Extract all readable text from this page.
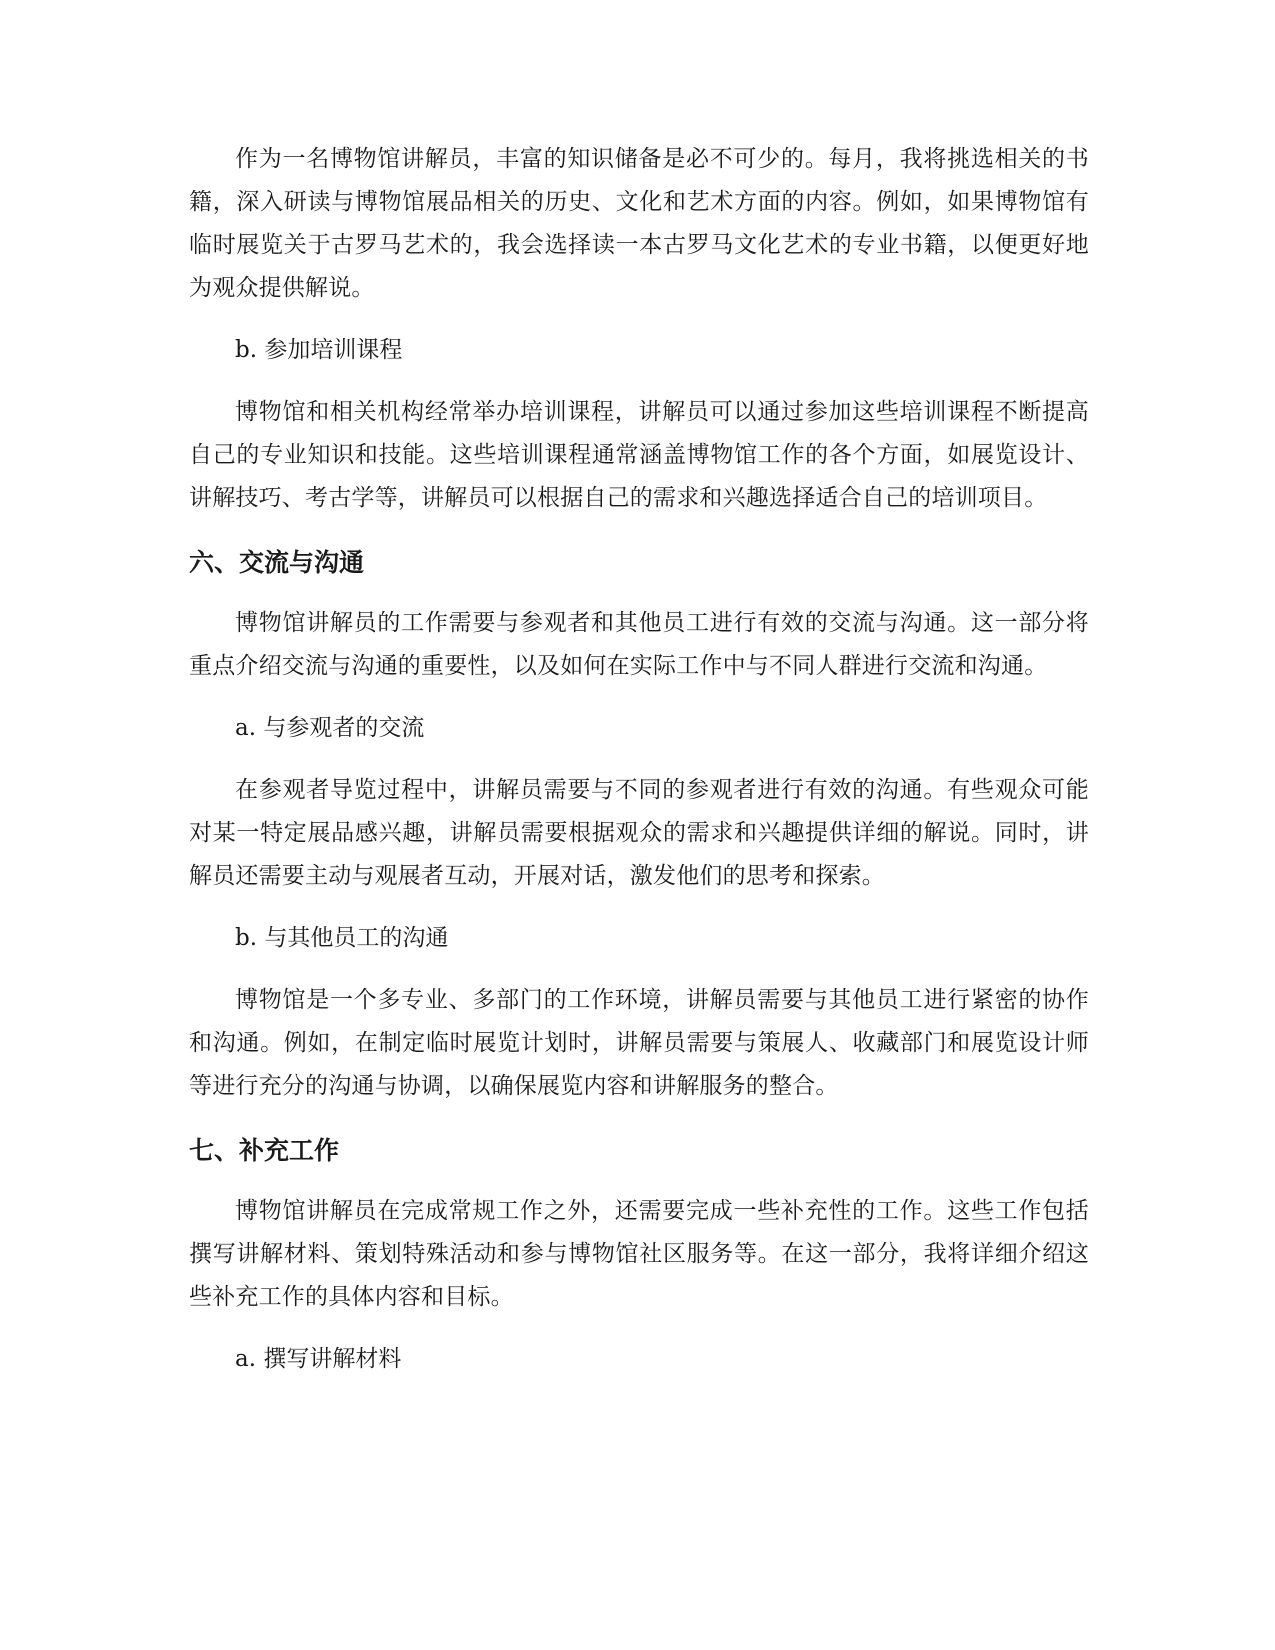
作为一名博物馆讲解员，丰富的知识储备是必不可少的。每月，我将挑选相关的书籍，深入研读与博物馆展品相关的历史、文化和艺术方面的内容。例如，如果博物馆有临时展览关于古罗马艺术的，我会选择读一本古罗马文化艺术的专业书籍，以便更好地为观众提供解说。

b. 参加培训课程

博物馆和相关机构经常举办培训课程，讲解员可以通过参加这些培训课程不断提高自己的专业知识和技能。这些培训课程通常涵盖博物馆工作的各个方面，如展览设计、讲解技巧、考古学等，讲解员可以根据自己的需求和兴趣选择适合自己的培训项目。

六、交流与沟通

博物馆讲解员的工作需要与参观者和其他员工进行有效的交流与沟通。这一部分将重点介绍交流与沟通的重要性，以及如何在实际工作中与不同人群进行交流和沟通。

a. 与参观者的交流

在参观者导览过程中，讲解员需要与不同的参观者进行有效的沟通。有些观众可能对某一特定展品感兴趣，讲解员需要根据观众的需求和兴趣提供详细的解说。同时，讲解员还需要主动与观展者互动，开展对话，激发他们的思考和探索。

b. 与其他员工的沟通

博物馆是一个多专业、多部门的工作环境，讲解员需要与其他员工进行紧密的协作和沟通。例如，在制定临时展览计划时，讲解员需要与策展人、收藏部门和展览设计师等进行充分的沟通与协调，以确保展览内容和讲解服务的整合。

七、补充工作

博物馆讲解员在完成常规工作之外，还需要完成一些补充性的工作。这些工作包括撰写讲解材料、策划特殊活动和参与博物馆社区服务等。在这一部分，我将详细介绍这些补充工作的具体内容和目标。

a. 撰写讲解材料
